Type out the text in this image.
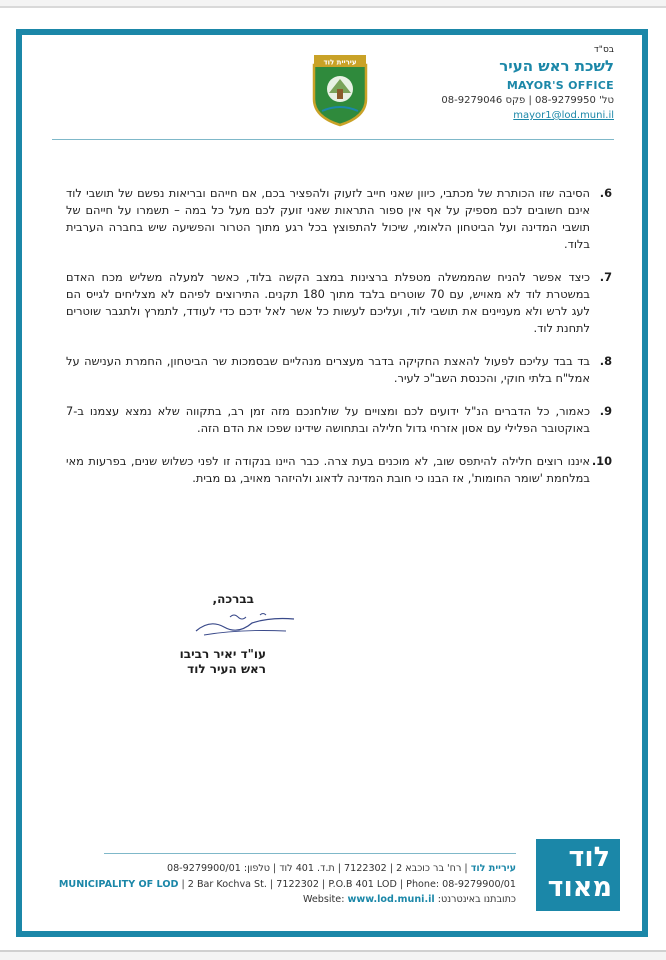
בס"ד
לשכת ראש העיר
MAYOR'S OFFICE
טל' 08-9279950 | פקס 08-9279046
mayor1@lod.muni.il
עיריית לוד
6.
הסיבה שזו הכותרת של מכתבי, כיוון שאני חייב לזעוק ולהפציר בכם, אם חייהם ובריאות נפשם של תושבי לוד אינם חשובים לכם מספיק על אף אין ספור התראות שאני זועק לכם מעל כל במה – תשמרו על חייהם של תושבי המדינה ועל הביטחון הלאומי, שיכול להתפוצץ בכל רגע מתוך הטרור והפשיעה שיש בחברה הערבית בלוד.
7.
כיצד אפשר להניח שהממשלה מטפלת ברצינות במצב הקשה בלוד, כאשר למעלה משליש מכח האדם במשטרת לוד לא מאויש, עם 70 שוטרים בלבד מתוך 180 תקנים. התירוצים לפיהם לא מצליחים לגייס הם לעג לרש ולא מעניינים את תושבי לוד, ועליכם לעשות כל אשר לאל ידכם כדי לעודד, לתמרץ ולתגבר שוטרים לתחנת לוד.
8.
בד בבד עליכם לפעול להאצת החקיקה בדבר מעצרים מנהליים שבסמכות שר הביטחון, החמרת הענישה על אמל"ח בלתי חוקי, והכנסת השב"כ לעיר.
9.
כאמור, כל הדברים הנ"ל ידועים לכם ומצויים על שולחנכם מזה זמן רב, בתקווה שלא נמצא עצמנו ב-7 באוקטובר הפלילי עם אסון אזרחי גדול חלילה ובתחושה שידינו שפכו את הדם הזה.
10.
איננו רוצים חלילה להיתפס שוב, לא מוכנים בעת צרה. כבר היינו בנקודה זו לפני כשלוש שנים, בפרעות מאי במלחמת 'שומר החומות', אז הבנו כי חובת המדינה לדאוג ולהיזהר מאויב, גם מבית.
בברכה,
עו"ד יאיר רביבו
ראש העיר לוד
עיריית לוד | רח' בר כוכבא 2 | 7122302 | ת.ד. 401 לוד | טלפון: 08-9279900/01
MUNICIPALITY OF LOD | 2 Bar Kochva St. | 7122302 | P.O.B 401 LOD | Phone: 08-9279900/01
כתובתנו באינטרנט: Website: www.lod.muni.il
לוד
מאוד
